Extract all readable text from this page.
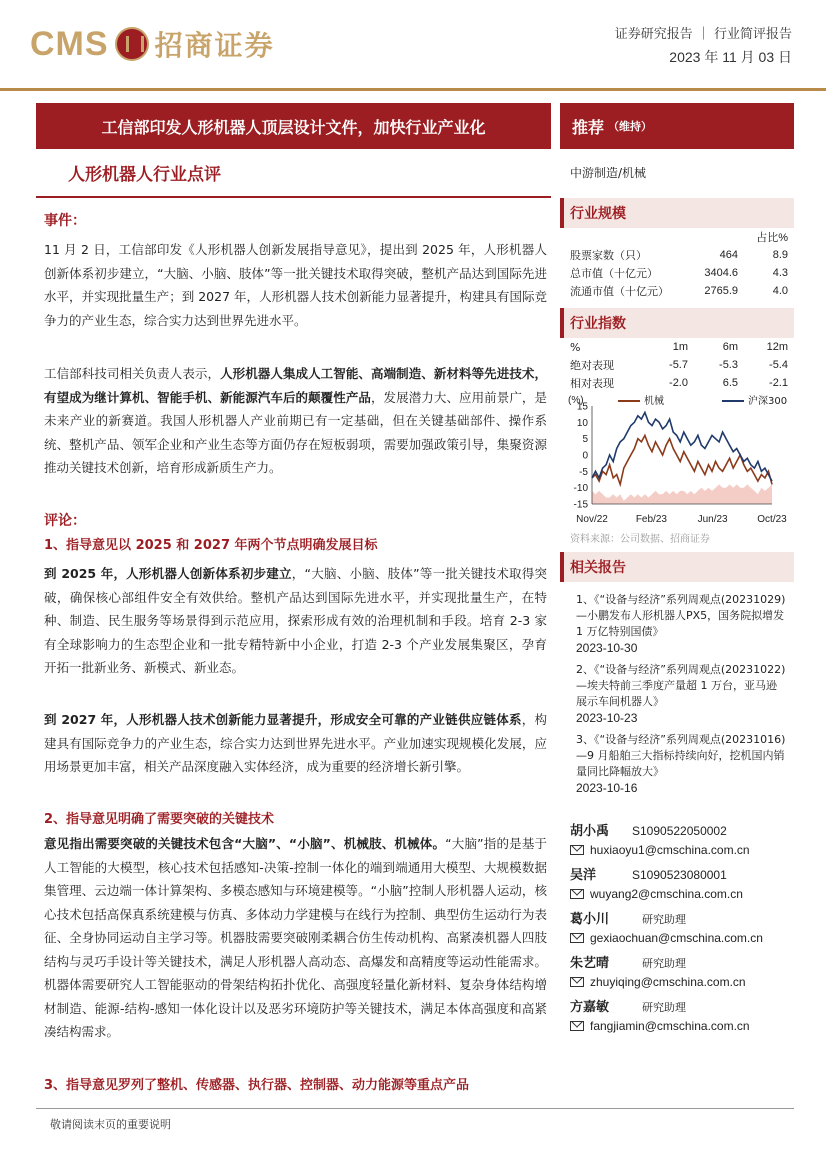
CMS 招商证券	证券研究报告 ｜ 行业简评报告
2023 年 11 月 03 日
工信部印发人形机器人顶层设计文件，加快行业产业化	推荐 （维持）
人形机器人行业点评
事件：
11 月 2 日，工信部印发《人形机器人创新发展指导意见》，提出到 2025 年，人形机器人创新体系初步建立，“大脑、小脑、肢体”等一批关键技术取得突破，整机产品达到国际先进水平，并实现批量生产；到 2027 年，人形机器人技术创新能力显著提升，构建具有国际竞争力的产业生态，综合实力达到世界先进水平。
工信部科技司相关负责人表示，人形机器人集成人工智能、高端制造、新材料等先进技术，有望成为继计算机、智能手机、新能源汽车后的颠覆性产品，发展潜力大、应用前景广，是未来产业的新赛道。我国人形机器人产业前期已有一定基础，但在关键基础部件、操作系统、整机产品、领军企业和产业生态等方面仍存在短板弱项，需要加强政策引导，集聚资源推动关键技术创新，培育形成新质生产力。
评论：
1、指导意见以 2025 和 2027 年两个节点明确发展目标
到 2025 年，人形机器人创新体系初步建立，“大脑、小脑、肢体”等一批关键技术取得突破，确保核心部组件安全有效供给。整机产品达到国际先进水平，并实现批量生产，在特种、制造、民生服务等场景得到示范应用，探索形成有效的治理机制和手段。培育 2-3 家有全球影响力的生态型企业和一批专精特新中小企业，打造 2-3 个产业发展集聚区，孕育开拓一批新业务、新模式、新业态。
到 2027 年，人形机器人技术创新能力显著提升，形成安全可靠的产业链供应链体系，构建具有国际竞争力的产业生态，综合实力达到世界先进水平。产业加速实现规模化发展，应用场景更加丰富，相关产品深度融入实体经济，成为重要的经济增长新引擎。
2、指导意见明确了需要突破的关键技术
意见指出需要突破的关键技术包含“大脑”、“小脑”、机械肢、机械体。“大脑”指的是基于人工智能的大模型，核心技术包括感知-决策-控制一体化的端到端通用大模型、大规模数据集管理、云边端一体计算架构、多模态感知与环境建模等。“小脑”控制人形机器人运动，核心技术包括高保真系统建模与仿真、多体动力学建模与在线行为控制、典型仿生运动行为表征、全身协同运动自主学习等。机器肢需要突破刚柔耦合仿生传动机构、高紧凑机器人四肢结构与灵巧手设计等关键技术，满足人形机器人高动态、高爆发和高精度等运动性能需求。机器体需要研究人工智能驱动的骨架结构拓扑优化、高强度轻量化新材料、复杂身体结构增材制造、能源-结构-感知一体化设计以及恶劣环境防护等关键技术，满足本体高强度和高紧凑结构需求。
3、指导意见罗列了整机、传感器、执行器、控制器、动力能源等重点产品
中游制造/机械
行业规模
		占比%
股票家数（只）	464	8.9
总市值（十亿元）	3404.6	4.3
流通市值（十亿元）	2765.9	4.0
行业指数
%	1m	6m	12m
绝对表现	-5.7	-5.3	-5.4
相对表现	-2.0	6.5	-2.1
(%)
15
10
5
0
-5
-10
-15
机械	沪深300
Nov/22	Feb/23	Jun/23	Oct/23
资料来源：公司数据、招商证券
相关报告
1、《“设备与经济”系列周观点(20231029)—小鹏发布人形机器人PX5，国务院拟增发 1 万亿特别国债》
2023-10-30
2、《“设备与经济”系列周观点(20231022)—埃夫特前三季度产量超 1 万台，亚马逊展示车间机器人》
2023-10-23
3、《“设备与经济”系列周观点(20231016)—9 月船舶三大指标持续向好，挖机国内销量同比降幅放大》
2023-10-16
胡小禹 S1090522050002
huxiaoyu1@cmschina.com.cn
吴洋	S1090523080001
wuyang2@cmschina.com.cn
葛小川	研究助理
gexiaochuan@cmschina.com.cn
朱艺晴	研究助理
zhuyiqing@cmschina.com.cn
方嘉敏	研究助理
fangjiamin@cmschina.com.cn
敬请阅读末页的重要说明
